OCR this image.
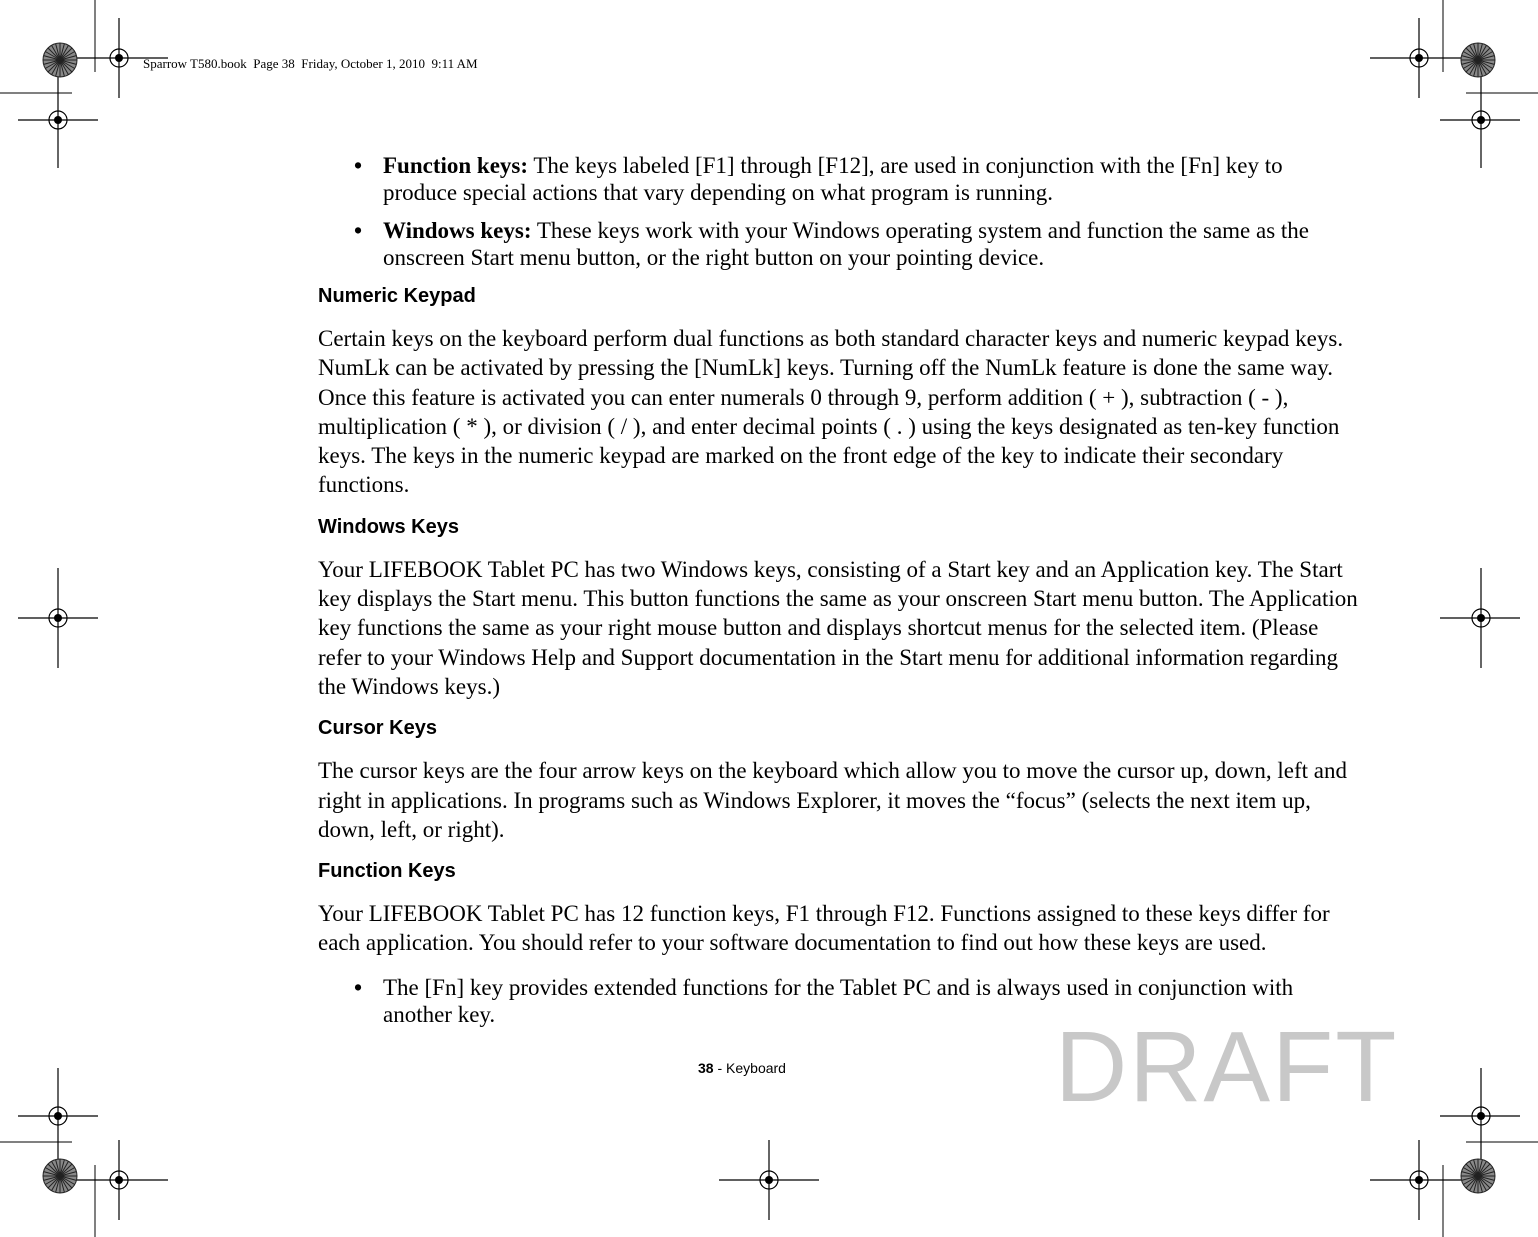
Sparrow T580.book  Page 38  Friday, October 1, 2010  9:11 AM
• Function keys: The keys labeled [F1] through [F12], are used in conjunction with the [Fn] key to produce special actions that vary depending on what program is running.
• Windows keys: These keys work with your Windows operating system and function the same as the onscreen Start menu button, or the right button on your pointing device.
Numeric Keypad

Certain keys on the keyboard perform dual functions as both standard character keys and numeric keypad keys. NumLk can be activated by pressing the [NumLk] keys. Turning off the NumLk feature is done the same way. Once this feature is activated you can enter numerals 0 through 9, perform addition ( + ), subtraction ( - ), multiplication ( * ), or division ( / ), and enter decimal points ( . ) using the keys designated as ten-key function keys. The keys in the numeric keypad are marked on the front edge of the key to indicate their secondary functions.

Windows Keys

Your LIFEBOOK Tablet PC has two Windows keys, consisting of a Start key and an Application key. The Start key displays the Start menu. This button functions the same as your onscreen Start menu button. The Application key functions the same as your right mouse button and displays shortcut menus for the selected item. (Please refer to your Windows Help and Support documentation in the Start menu for additional information regarding the Windows keys.)

Cursor Keys

The cursor keys are the four arrow keys on the keyboard which allow you to move the cursor up, down, left and right in applications. In programs such as Windows Explorer, it moves the “focus” (selects the next item up, down, left, or right).

Function Keys

Your LIFEBOOK Tablet PC has 12 function keys, F1 through F12. Functions assigned to these keys differ for each application. You should refer to your software documentation to find out how these keys are used.

• The [Fn] key provides extended functions for the Tablet PC and is always used in conjunction with another key.
38 - Keyboard	DRAFT
